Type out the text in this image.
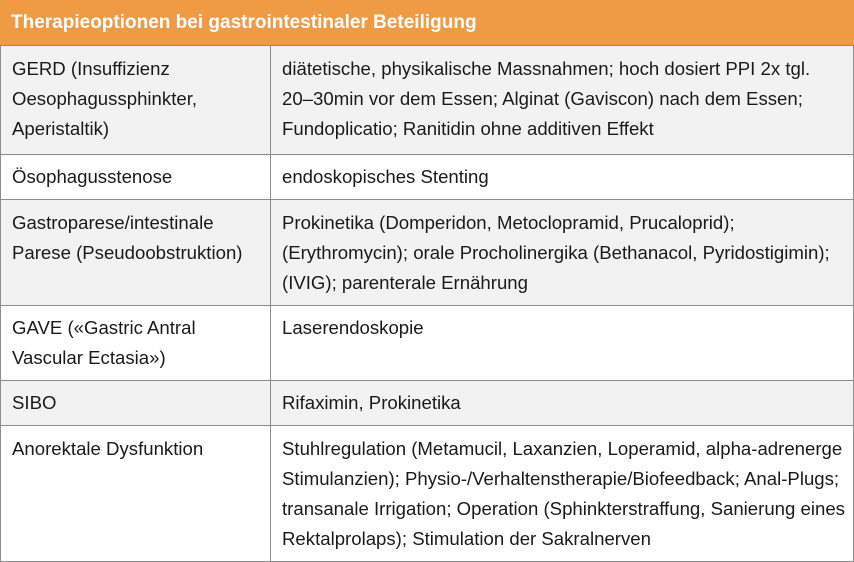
Therapieoptionen bei gastrointestinaler Beteiligung	

GERD (Insuffizienz Oesophagussphinkter, Aperistaltik)	diätetische, physikalische Massnahmen; hoch dosiert PPI 2x tgl. 20–30min vor dem Essen; Alginat (Gaviscon) nach dem Essen; Fundoplicatio; Ranitidin ohne additiven Effekt

Ösophagusstenose	endoskopisches Stenting

Gastroparese/intestinale Parese (Pseudoobstruktion)	Prokinetika (Domperidon, Metoclopramid, Prucaloprid); (Erythromycin); orale Procholinergika (Bethanacol, Pyridostigimin); (IVIG); parenterale Ernährung

GAVE («Gastric Antral Vascular Ectasia»)	Laserendoskopie

SIBO	Rifaximin, Prokinetika

Anorektale Dysfunktion	Stuhlregulation (Metamucil, Laxanzien, Loperamid, alpha-adrenerge Stimulanzien); Physio-/Verhaltenstherapie/Biofeedback; Anal-Plugs; transanale Irrigation; Operation (Sphinkterstraffung, Sanierung eines Rektalprolaps); Stimulation der Sakralnerven
